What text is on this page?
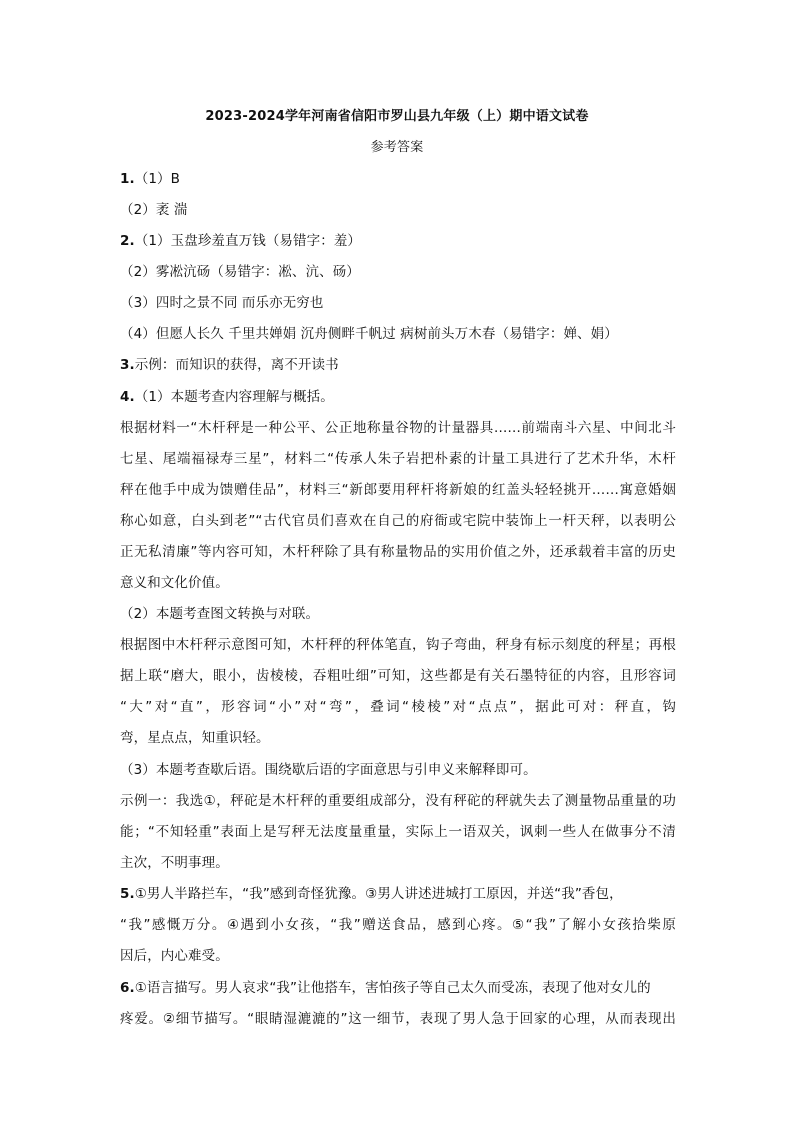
2023-2024学年河南省信阳市罗山县九年级（上）期中语文试卷
参考答案
1.（1）B
（2）袤 湍
2.（1）玉盘珍羞直万钱（易错字：羞）
（2）雾凇沆砀（易错字：凇、沆、砀）
（3）四时之景不同 而乐亦无穷也
（4）但愿人长久 千里共婵娟 沉舟侧畔千帆过 病树前头万木春（易错字：婵、娟）
3.示例：而知识的获得，离不开读书
4.（1）本题考查内容理解与概括。
根据材料一“木杆秤是一种公平、公正地称量谷物的计量器具……前端南斗六星、中间北斗
七星、尾端福禄寿三星”，材料二“传承人朱子岩把朴素的计量工具进行了艺术升华，木杆
秤在他手中成为馈赠佳品”，材料三“新郎要用秤杆将新娘的红盖头轻轻挑开……寓意婚姻
称心如意，白头到老”“古代官员们喜欢在自己的府衙或宅院中装饰上一杆天秤，以表明公
正无私清廉”等内容可知，木杆秤除了具有称量物品的实用价值之外，还承载着丰富的历史
意义和文化价值。
（2）本题考查图文转换与对联。
根据图中木杆秤示意图可知，木杆秤的秤体笔直，钩子弯曲，秤身有标示刻度的秤星；再根
据上联“磨大，眼小，齿棱棱，吞粗吐细”可知，这些都是有关石墨特征的内容，且形容词
“大”对“直”，形容词“小”对“弯”，叠词“棱棱”对“点点”，据此可对：秤直，钩
弯，星点点，知重识轻。
（3）本题考查歇后语。围绕歇后语的字面意思与引申义来解释即可。
示例一：我选①，秤砣是木杆秤的重要组成部分，没有秤砣的秤就失去了测量物品重量的功
能；“不知轻重”表面上是写秤无法度量重量，实际上一语双关，讽刺一些人在做事分不清
主次，不明事理。
5.①男人半路拦车，“我”感到奇怪犹豫。③男人讲述进城打工原因，并送“我”香包，
“我”感慨万分。④遇到小女孩，“我”赠送食品，感到心疼。⑤“我”了解小女孩拾柴原
因后，内心难受。
6.①语言描写。男人哀求“我”让他搭车，害怕孩子等自己太久而受冻，表现了他对女儿的
疼爱。②细节描写。“眼睛湿漉漉的”这一细节，表现了男人急于回家的心理，从而表现出
